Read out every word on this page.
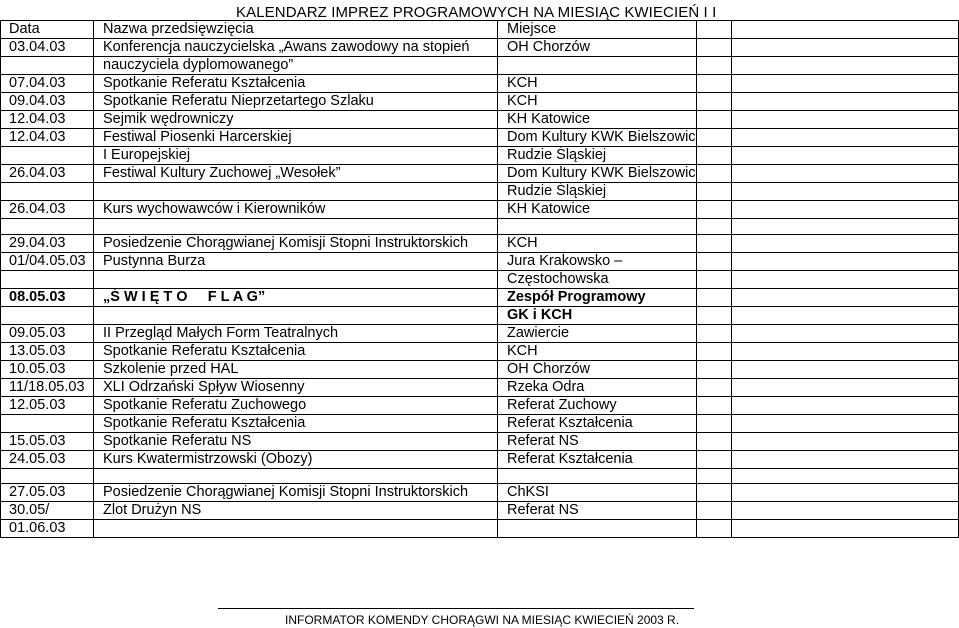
KALENDARZ IMPREZ PROGRAMOWYCH NA MIESIĄC KWIECIEŃ I I
Data	Nazwa przedsięwzięcia	Miejsce		
03.04.03	Konferencja nauczycielska „Awans zawodowy na stopień	OH Chorzów		
	nauczyciela dyplomowanego”			
07.04.03	Spotkanie Referatu Kształcenia	KCH		
09.04.03	Spotkanie Referatu Nieprzetartego Szlaku	KCH		
12.04.03	Sejmik wędrowniczy	KH Katowice		
12.04.03	Festiwal Piosenki Harcerskiej	Dom Kultury KWK Bielszowic		
	I Europejskiej	Rudzie Śląskiej		
26.04.03	Festiwal Kultury Zuchowej „Wesołek”	Dom Kultury KWK Bielszowic		
		Rudzie Śląskiej		
26.04.03	Kurs wychowawców i Kierowników	KH Katowice		

29.04.03	Posiedzenie Chorągwianej Komisji Stopni Instruktorskich	KCH		
01/04.05.03	Pustynna Burza	Jura Krakowsko –		
		Częstochowska		
08.05.03	„Ś W I Ę T O     F L A G”	Zespół Programowy		
		GK i KCH		
09.05.03	II Przegląd Małych Form Teatralnych	Zawiercie		
13.05.03	Spotkanie Referatu Kształcenia	KCH		
10.05.03	Szkolenie przed HAL	OH Chorzów		
11/18.05.03	XLI Odrzański Spływ Wiosenny	Rzeka Odra		
12.05.03	Spotkanie Referatu Zuchowego	Referat Zuchowy		
	Spotkanie Referatu Kształcenia	Referat Kształcenia		
15.05.03	Spotkanie Referatu NS	Referat NS		
24.05.03	Kurs Kwatermistrzowski (Obozy)	Referat Kształcenia		

27.05.03	Posiedzenie Chorągwianej Komisji Stopni Instruktorskich	ChKSI		
30.05/	Zlot Drużyn NS	Referat NS		
01.06.03				
INFORMATOR KOMENDY CHORĄGWI NA MIESIĄC KWIECIEŃ 2003 R.
